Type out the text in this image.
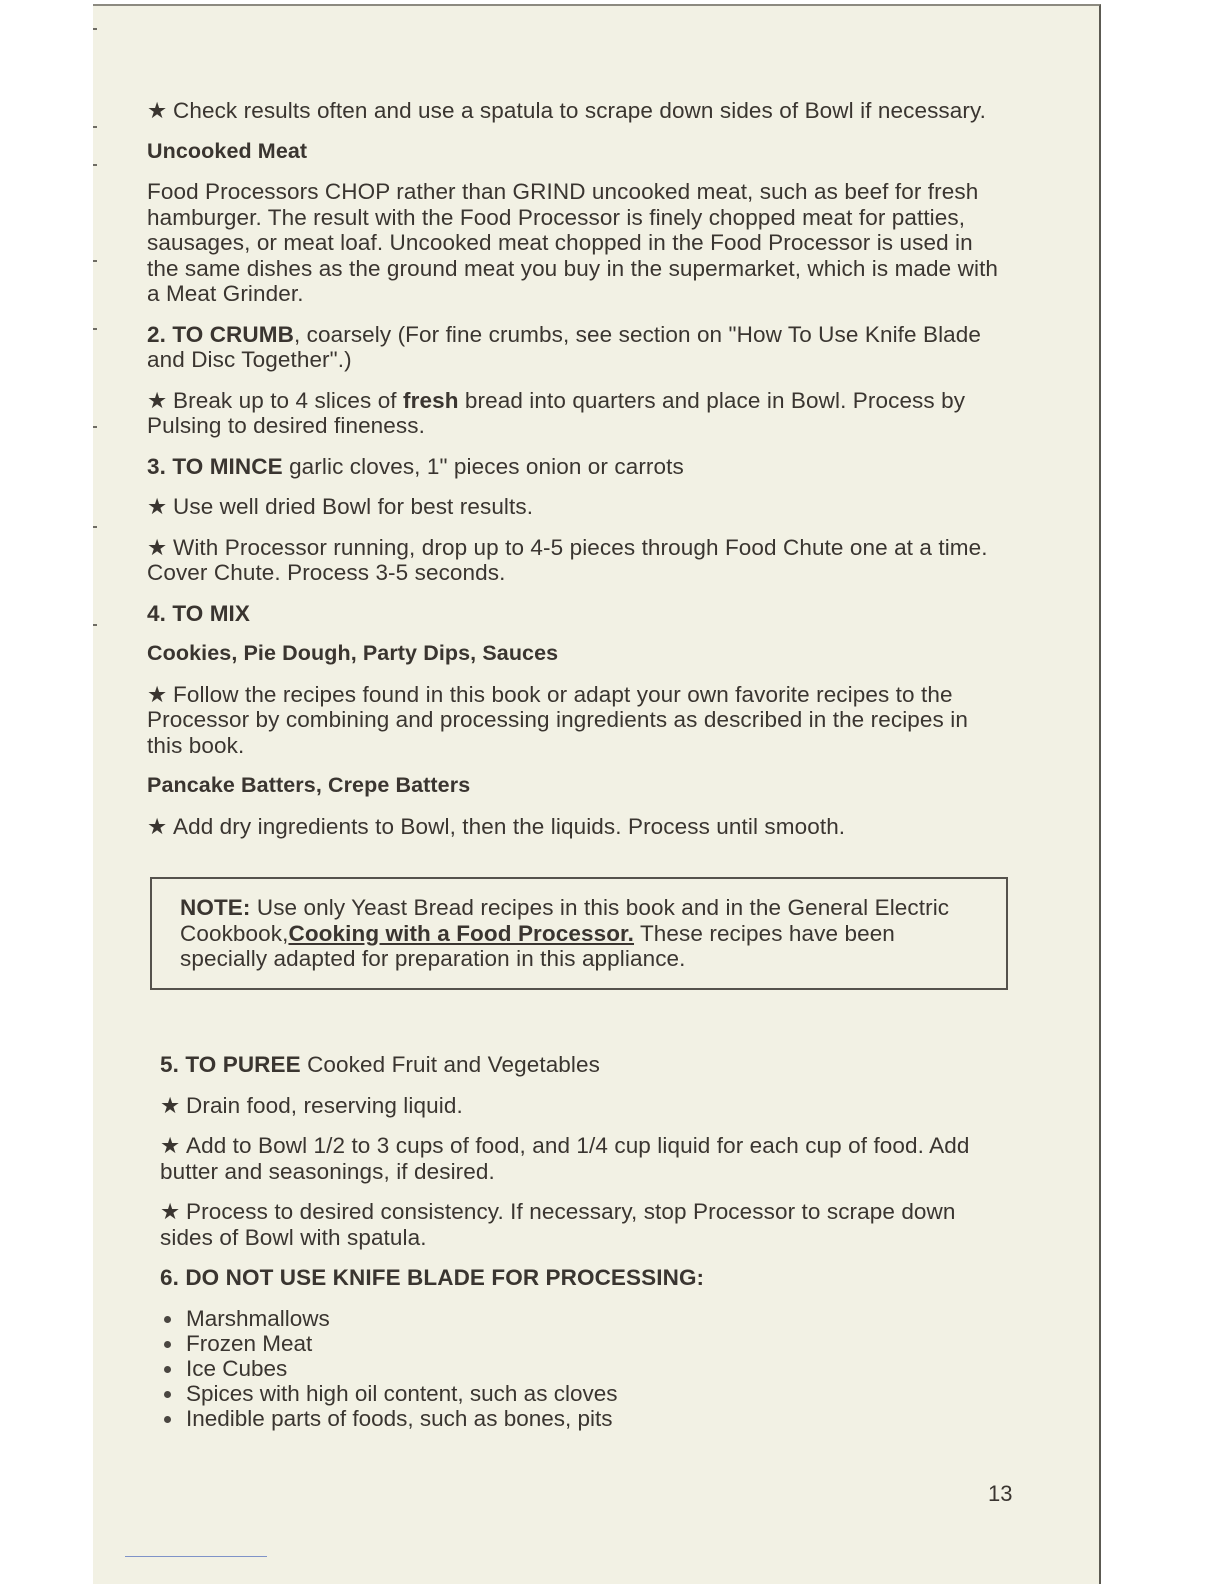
★ Check results often and use a spatula to scrape down sides of Bowl if necessary.

Uncooked Meat

Food Processors CHOP rather than GRIND uncooked meat, such as beef for fresh hamburger. The result with the Food Processor is finely chopped meat for patties, sausages, or meat loaf. Uncooked meat chopped in the Food Processor is used in the same dishes as the ground meat you buy in the supermarket, which is made with a Meat Grinder.

2. TO CRUMB, coarsely (For fine crumbs, see section on "How To Use Knife Blade and Disc Together".)

★ Break up to 4 slices of fresh bread into quarters and place in Bowl. Process by Pulsing to desired fineness.

3. TO MINCE garlic cloves, 1" pieces onion or carrots

★ Use well dried Bowl for best results.

★ With Processor running, drop up to 4-5 pieces through Food Chute one at a time. Cover Chute. Process 3-5 seconds.

4. TO MIX

Cookies, Pie Dough, Party Dips, Sauces

★ Follow the recipes found in this book or adapt your own favorite recipes to the Processor by combining and processing ingredients as described in the recipes in this book.

Pancake Batters, Crepe Batters

★ Add dry ingredients to Bowl, then the liquids. Process until smooth.

NOTE: Use only Yeast Bread recipes in this book and in the General Electric Cookbook,Cooking with a Food Processor. These recipes have been specially adapted for preparation in this appliance.

5. TO PUREE Cooked Fruit and Vegetables

★ Drain food, reserving liquid.

★ Add to Bowl 1/2 to 3 cups of food, and 1/4 cup liquid for each cup of food. Add butter and seasonings, if desired.

★ Process to desired consistency. If necessary, stop Processor to scrape down sides of Bowl with spatula.

6. DO NOT USE KNIFE BLADE FOR PROCESSING:

Marshmallows
Frozen Meat
Ice Cubes
Spices with high oil content, such as cloves
Inedible parts of foods, such as bones, pits
13
